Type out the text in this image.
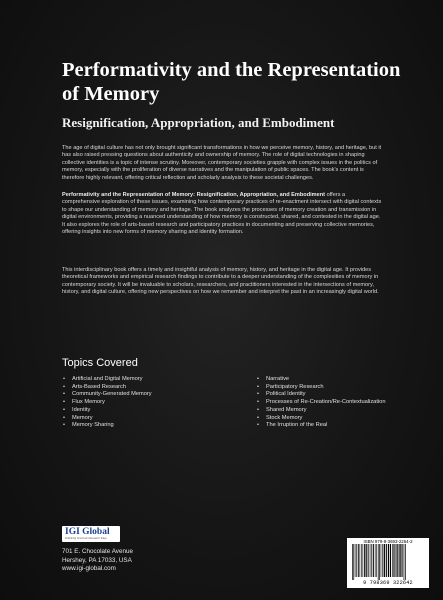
Performativity and the Representation of Memory
Resignification, Appropriation, and Embodiment

The age of digital culture has not only brought significant transformations in how we perceive memory, history, and heritage, but it has also raised pressing questions about authenticity and ownership of memory. The role of digital technologies in shaping collective identities is a topic of intense scrutiny. Moreover, contemporary societies grapple with complex issues in the politics of memory, especially with the proliferation of diverse narratives and the manipulation of public spaces. The book's content is therefore highly relevant, offering critical reflection and scholarly analysis to these societal challenges.

Performativity and the Representation of Memory: Resignification, Appropriation, and Embodiment offers a comprehensive exploration of these issues, examining how contemporary practices of re-enactment intersect with digital contexts to shape our understanding of memory and heritage. The book analyzes the processes of memory creation and transmission in digital environments, providing a nuanced understanding of how memory is constructed, shared, and contested in the digital age. It also explores the role of arts-based research and participatory practices in documenting and preserving collective memories, offering insights into new forms of memory sharing and identity formation.

This interdisciplinary book offers a timely and insightful analysis of memory, history, and heritage in the digital age. It provides theoretical frameworks and empirical research findings to contribute to a deeper understanding of the complexities of memory in contemporary society. It will be invaluable to scholars, researchers, and practitioners interested in the intersections of memory, history, and digital culture, offering new perspectives on how we remember and interpret the past in an increasingly digital world.

Topics Covered
• Artificial and Digital Memory
• Arts-Based Research
• Community-Generated Memory
• Flux Memory
• Identity
• Memory
• Memory Sharing
• Narrative
• Participatory Research
• Political Identity
• Processes of Re-Creation/Re-Contextualization
• Shared Memory
• Stock Memory
• The Irruption of the Real
IGI Global
Publishing Tomorrow's Research Today

701 E. Chocolate Avenue
Hershey, PA 17033, USA
www.igi-global.com

ISBN 979-8-3693-2264-2
9 798369 322642
